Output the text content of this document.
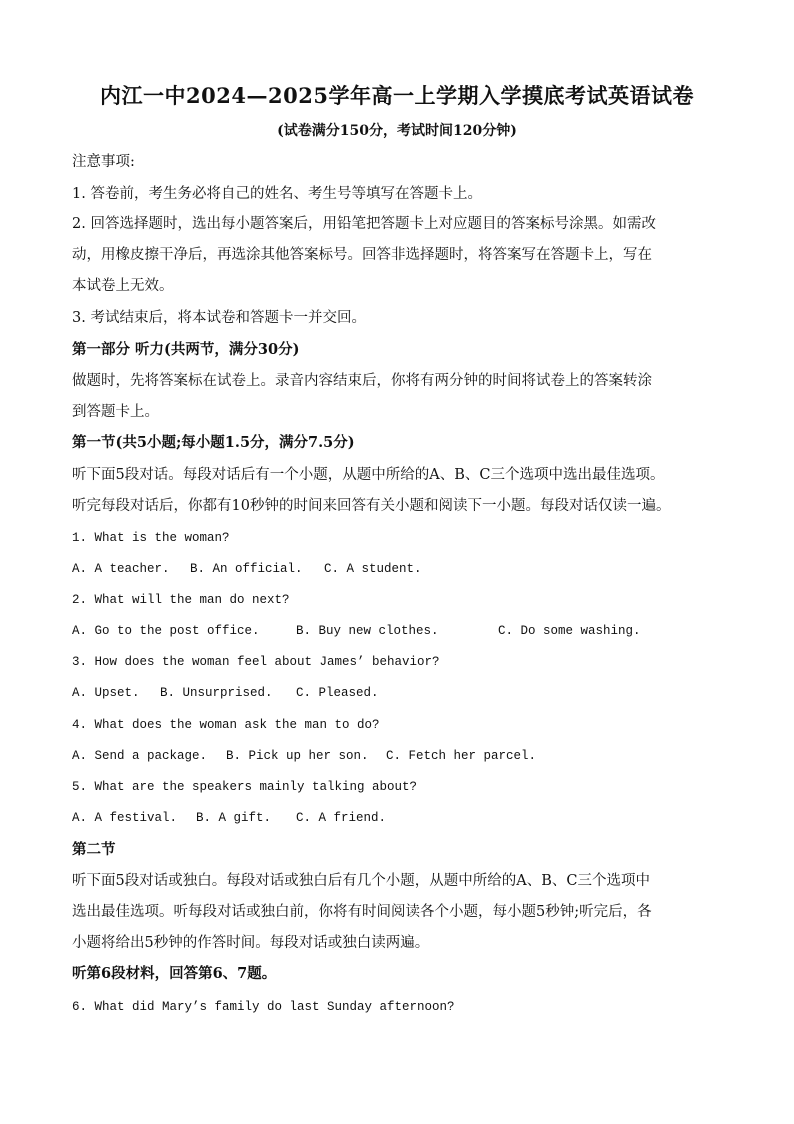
内江一中2024—2025学年高一上学期入学摸底考试英语试卷
(试卷满分150分，考试时间120分钟)
注意事项:
1. 答卷前，考生务必将自己的姓名、考生号等填写在答题卡上。
2. 回答选择题时，选出每小题答案后，用铅笔把答题卡上对应题目的答案标号涂黑。如需改
动，用橡皮擦干净后，再选涂其他答案标号。回答非选择题时，将答案写在答题卡上，写在
本试卷上无效。
3. 考试结束后，将本试卷和答题卡一并交回。
第一部分 听力(共两节，满分30分)
做题时，先将答案标在试卷上。录音内容结束后，你将有两分钟的时间将试卷上的答案转涂
到答题卡上。
第一节(共5小题;每小题1.5分，满分7.5分)
听下面5段对话。每段对话后有一个小题，从题中所给的A、B、C三个选项中选出最佳选项。
听完每段对话后，你都有10秒钟的时间来回答有关小题和阅读下一小题。每段对话仅读一遍。
1. What is the woman?
A. A teacher. B. An official. C. A student.
2. What will the man do next?
A. Go to the post office.	B. Buy new clothes.	C. Do some washing.
3. How does the woman feel about James’ behavior?
A. Upset. B. Unsurprised. C. Pleased.
4. What does the woman ask the man to do?
A. Send a package. B. Pick up her son. C. Fetch her parcel.
5. What are the speakers mainly talking about?
A. A festival. B. A gift. C. A friend.
第二节
听下面5段对话或独白。每段对话或独白后有几个小题，从题中所给的A、B、C三个选项中
选出最佳选项。听每段对话或独白前，你将有时间阅读各个小题，每小题5秒钟;听完后，各
小题将给出5秒钟的作答时间。每段对话或独白读两遍。
听第6段材料，回答第6、7题。
6. What did Mary’s family do last Sunday afternoon?
